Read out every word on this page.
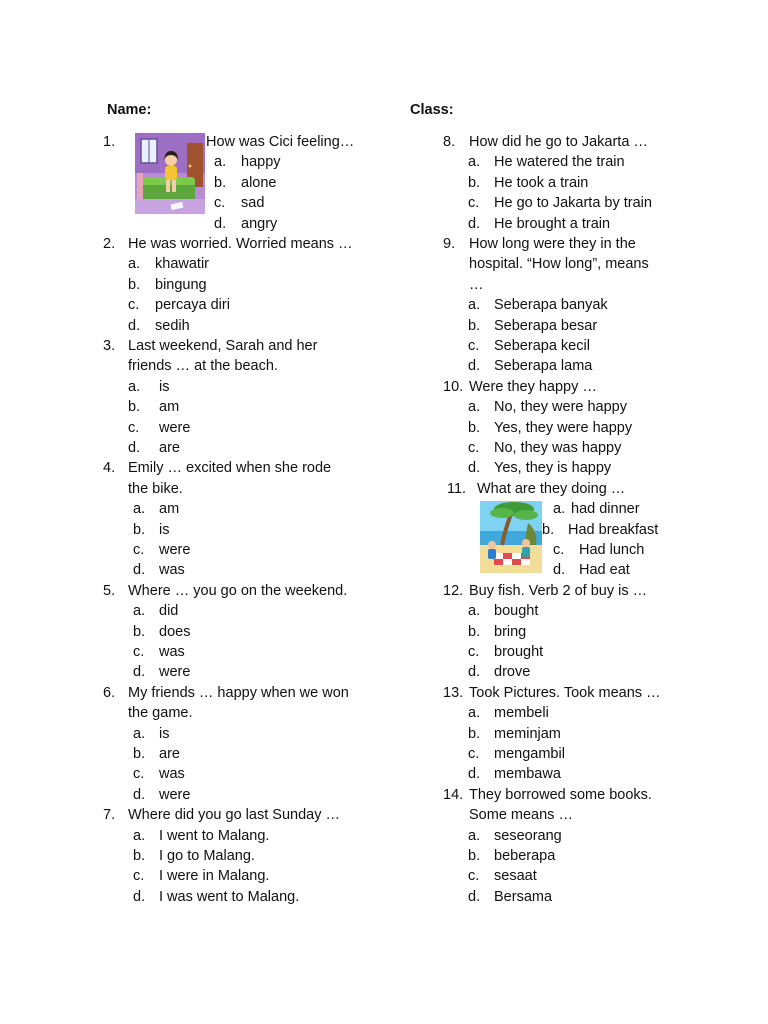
Name:	Class:
1.	How was Cici feeling…
a. happy
b. alone
c. sad
d. angry
2. He was worried. Worried means …
a. khawatir
b. bingung
c. percaya diri
d. sedih
3. Last weekend, Sarah and her
friends … at the beach.
a. is
b. am
c. were
d. are
4. Emily … excited when she rode
the bike.
a. am
b. is
c. were
d. was
5. Where … you go on the weekend.
a. did
b. does
c. was
d. were
6. My friends … happy when we won
the game.
a. is
b. are
c. was
d. were
7. Where did you go last Sunday …
a. I went to Malang.
b. I go to Malang.
c. I were in Malang.
d. I was went to Malang.
8. How did he go to Jakarta …
a. He watered the train
b. He took a train
c. He go to Jakarta by train
d. He brought a train
9. How long were they in the
hospital. “How long”, means
…
a. Seberapa banyak
b. Seberapa besar
c. Seberapa kecil
d. Seberapa lama
10. Were they happy …
a. No, they were happy
b. Yes, they were happy
c. No, they was happy
d. Yes, they is happy
11. What are they doing …
a. had dinner
b. Had breakfast
c. Had lunch
d. Had eat
12. Buy fish. Verb 2 of buy is …
a. bought
b. bring
c. brought
d. drove
13. Took Pictures. Took means …
a. membeli
b. meminjam
c. mengambil
d. membawa
14. They borrowed some books.
Some means …
a. seseorang
b. beberapa
c. sesaat
d. Bersama
